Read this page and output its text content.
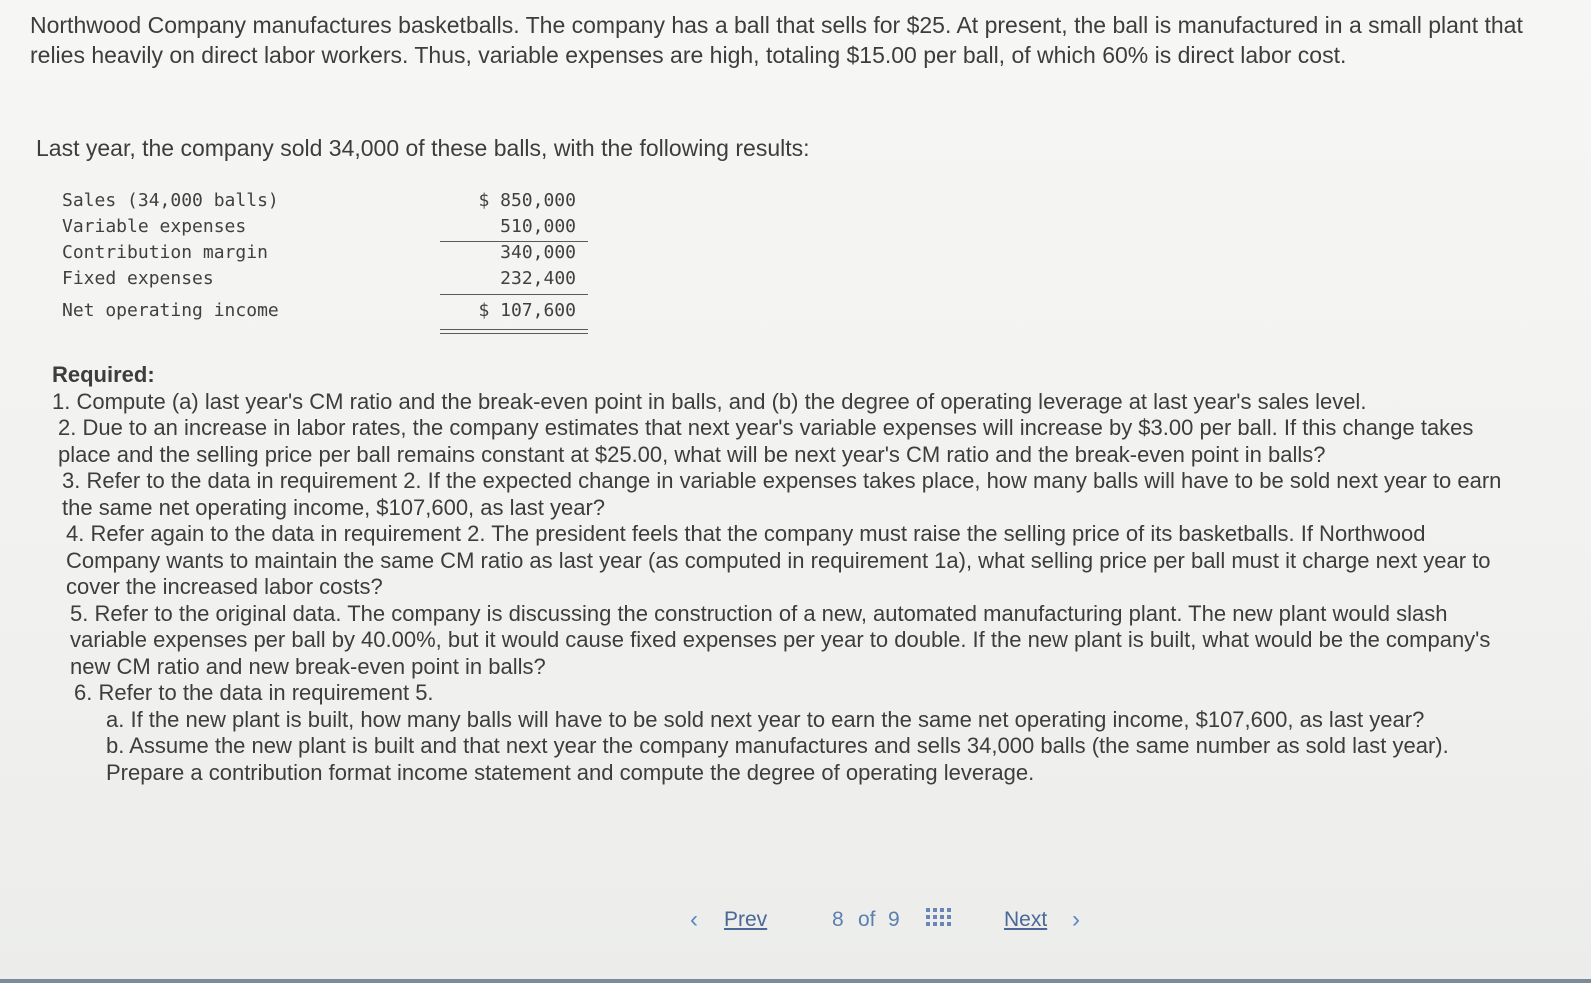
Northwood Company manufactures basketballs. The company has a ball that sells for $25. At present, the ball is manufactured in a small plant that relies heavily on direct labor workers. Thus, variable expenses are high, totaling $15.00 per ball, of which 60% is direct labor cost.
Last year, the company sold 34,000 of these balls, with the following results:
Sales (34,000 balls)	$ 850,000
Variable expenses	510,000
Contribution margin	340,000
Fixed expenses	232,400
Net operating income	$ 107,600
Required:
1. Compute (a) last year's CM ratio and the break-even point in balls, and (b) the degree of operating leverage at last year's sales level.
2. Due to an increase in labor rates, the company estimates that next year's variable expenses will increase by $3.00 per ball. If this change takes place and the selling price per ball remains constant at $25.00, what will be next year's CM ratio and the break-even point in balls?
3. Refer to the data in requirement 2. If the expected change in variable expenses takes place, how many balls will have to be sold next year to earn the same net operating income, $107,600, as last year?
4. Refer again to the data in requirement 2. The president feels that the company must raise the selling price of its basketballs. If Northwood Company wants to maintain the same CM ratio as last year (as computed in requirement 1a), what selling price per ball must it charge next year to cover the increased labor costs?
5. Refer to the original data. The company is discussing the construction of a new, automated manufacturing plant. The new plant would slash variable expenses per ball by 40.00%, but it would cause fixed expenses per year to double. If the new plant is built, what would be the company's new CM ratio and new break-even point in balls?
6. Refer to the data in requirement 5.
a. If the new plant is built, how many balls will have to be sold next year to earn the same net operating income, $107,600, as last year?
b. Assume the new plant is built and that next year the company manufactures and sells 34,000 balls (the same number as sold last year). Prepare a contribution format income statement and compute the degree of operating leverage.
‹ Prev	8 of 9	Next ›
